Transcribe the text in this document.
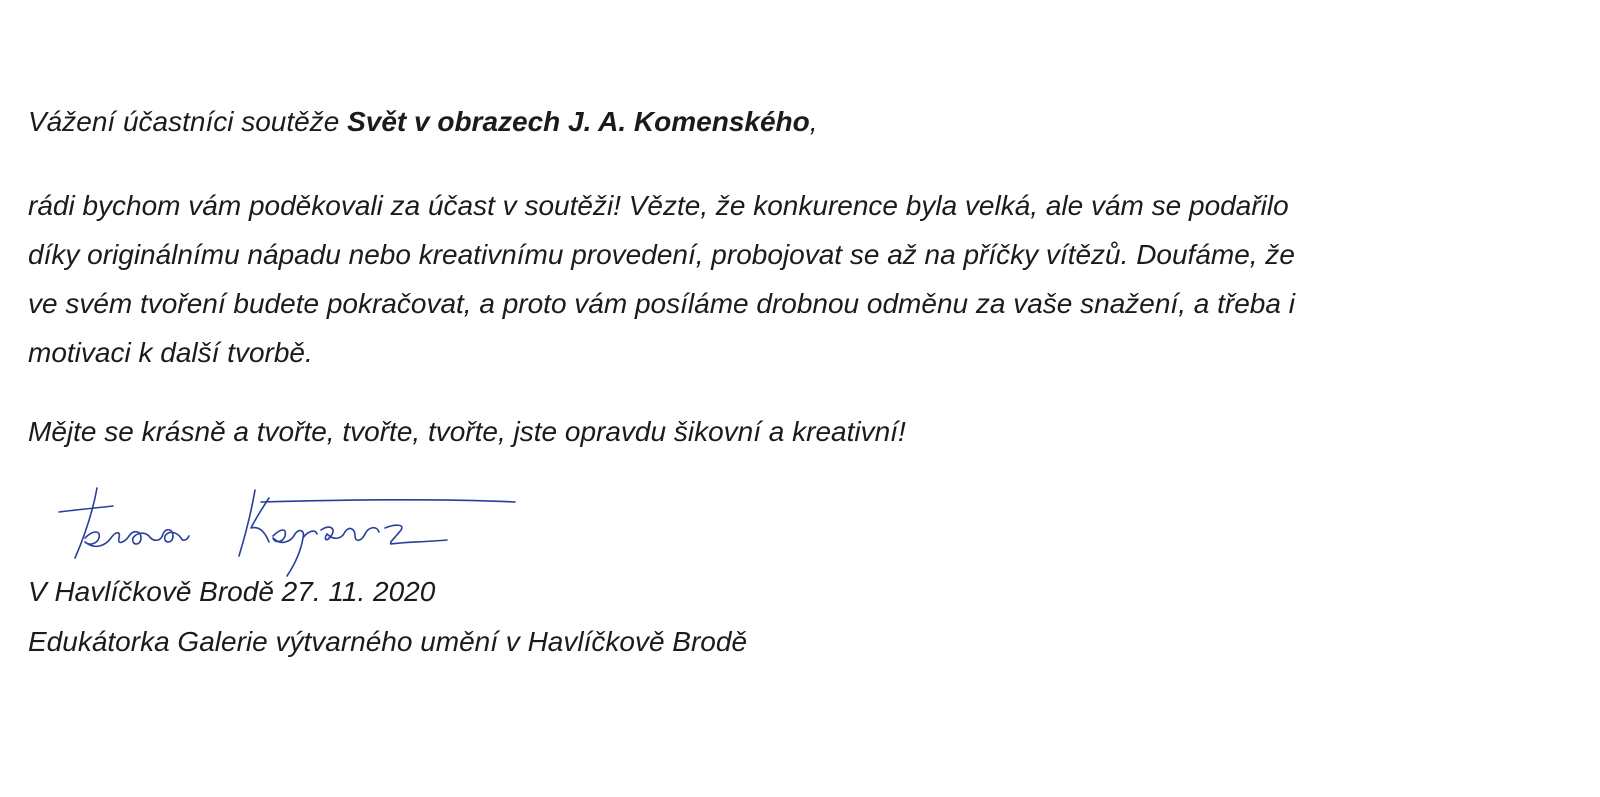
Vážení účastníci soutěže Svět v obrazech J. A. Komenského,
rádi bychom vám poděkovali za účast v soutěži! Vězte, že konkurence byla velká, ale vám se podařilo
díky originálnímu nápadu nebo kreativnímu provedení, probojovat se až na příčky vítězů. Doufáme, že
ve svém tvoření budete pokračovat, a proto vám posíláme drobnou odměnu za vaše snažení, a třeba i
motivaci k další tvorbě.
Mějte se krásně a tvořte, tvořte, tvořte, jste opravdu šikovní a kreativní!
V Havlíčkově Brodě 27. 11. 2020
Edukátorka Galerie výtvarného umění v Havlíčkově Brodě
